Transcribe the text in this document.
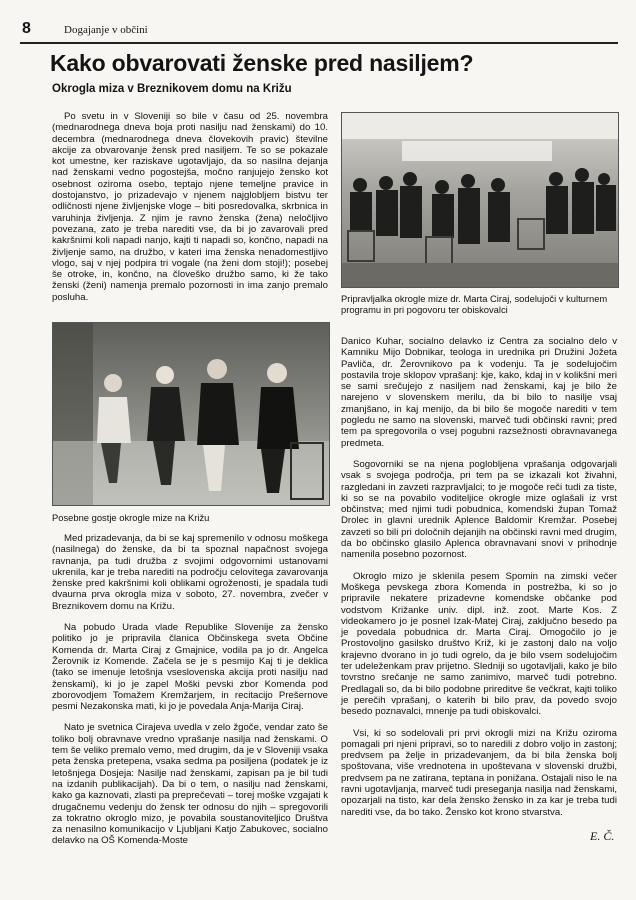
8	Dogajanje v občini
Kako obvarovati ženske pred nasiljem?
Okrogla miza v Breznikovem domu na Križu

Po svetu in v Sloveniji so bile v času od 25. novembra (mednarodnega dneva boja proti nasilju nad ženskami) do 10. decembra (mednarodnega dneva človekovih pravic) številne akcije za obvarovanje žensk pred nasiljem. Te so se pokazale kot umestne, ker raziskave ugotavljajo, da so nasilna dejanja nad ženskami vedno pogostejša, močno ranjujejo žensko kot osebnost oziroma osebo, teptajo njene temeljne pravice in dostojanstvo, jo prizadevajo v njenem najglobljem bistvu ter odličnosti njene življenjske vloge – biti posredovalka, skrbnica in varuhinja življenja. Z njim je ravno ženska (žena) neločljivo povezana, zato je treba narediti vse, da bi jo zavarovali pred kakršnimi koli napadi nanjo, kajti ti napadi so, končno, napadi na življenje samo, na družbo, v kateri ima ženska nenadomestljivo vlogo, saj v njej podpira tri vogale (na ženi dom stoji!); posebej še otroke, in, končno, na človeško družbo samo, ki že tako ženski (ženi) namenja premalo pozornosti in ima zanjo premalo posluha.

Posebne gostje okrogle mize na Križu

Med prizadevanja, da bi se kaj spremenilo v odnosu moškega (nasilnega) do ženske, da bi ta spoznal napačnost svojega ravnanja, pa tudi družba z svojimi odgovornimi ustanovami ukrenila, kar je treba narediti na področju celovitega zavarovanja ženske pred kakršnimi koli oblikami ogroženosti, je spadala tudi dvaurna prva okrogla miza v soboto, 27. novembra, zvečer v Breznikovem domu na Križu.

Na pobudo Urada vlade Republike Slovenije za žensko politiko jo je pripravila članica Občinskega sveta Občine Komenda dr. Marta Ciraj z Gmajnice, vodila pa jo dr. Angelca Žerovnik iz Komende. Začela se je s pesmijo Kaj ti je deklica (tako se imenuje letošnja vseslovenska akcija proti nasilju nad ženskami), ki jo je zapel Moški pevski zbor Komenda pod zborovodjem Tomažem Kremžarjem, in recitacijo Prešernove pesmi Nezakonska mati, ki jo je povedala Anja-Marija Ciraj.

Nato je svetnica Cirajeva uvedla v zelo žgoče, vendar zato še toliko bolj obravnave vredno vprašanje nasilja nad ženskami. O tem še veliko premalo vemo, med drugim, da je v Sloveniji vsaka peta ženska pretepena, vsaka sedma pa posiljena (podatek je iz letošnjega Dosjeja: Nasilje nad ženskami, zapisan pa je bil tudi na izdanih publikacijah). Da bi o tem, o nasilju nad ženskami, kako ga kaznovati, zlasti pa preprečevati – torej moške vzgajati k drugačnemu vedenju do žensk ter odnosu do njih – spregovorili za tokratno okroglo mizo, je povabila soustanoviteljico Društva za nenasilno komunikacijo v Ljubljani Katjo Zabukovec, socialno delavko na OŠ Komenda-Moste

Pripravljalka okrogle mize dr. Marta Ciraj, sodelujoči v kulturnem programu in pri pogovoru ter obiskovalci

Danico Kuhar, socialno delavko iz Centra za socialno delo v Kamniku Mijo Dobnikar, teologa in urednika pri Družini Jožeta Pavliča, dr. Žerovnikovo pa k vodenju. Ta je sodelujočim postavila troje sklopov vprašanj: kje, kako, kdaj in v kolikšni meri se sami srečujejo z nasiljem nad ženskami, kaj je bilo že narejeno v slovenskem merilu, da bi bilo to nasilje vsaj zmanjšano, in kaj menijo, da bi bilo še mogoče narediti v tem pogledu ne samo na slovenski, marveč tudi občinski ravni; pred tem pa spregovorila o vsej pogubni razsežnosti obravnavanega predmeta.

Sogovorniki se na njena poglobljena vprašanja odgovarjali vsak s svojega področja, pri tem pa se izkazali kot živahni, razgledani in zavzeti razpravljalci; to je mogoče reči tudi za tiste, ki so se na povabilo voditeljice okrogle mize oglašali iz vrst občinstva; med njimi tudi pobudnica, komendski župan Tomaž Drolec in glavni urednik Aplence Baldomir Kremžar. Posebej zavzeti so bili pri določnih dejanjih na občinski ravni med drugim, da bo občinsko glasilo Aplenca obravnavani snovi v prihodnje namenila posebno pozornost.

Okroglo mizo je sklenila pesem Spomin na zimski večer Moškega pevskega zbora Komenda in postrežba, ki so jo pripravile nekatere prizadevne komendske občanke pod vodstvom Križanke univ. dipl. inž. zoot. Marte Kos. Z videokamero jo je posnel Izak-Matej Ciraj, zaključno besedo pa je povedala pobudnica dr. Marta Ciraj. Omogočilo jo je Prostovoljno gasilsko društvo Križ, ki je zastonj dalo na voljo krajevno dvorano in jo tudi ogrelo, da je bilo vsem sodelujočim ter udeleženkam prav prijetno. Sledniji so ugotavljali, kako je bilo tovrstno srečanje ne samo zanimivo, marveč tudi potrebno. Predlagali so, da bi bilo podobne prireditve še večkrat, kajti toliko je perečih vprašanj, o katerih bi bilo prav, da povedo svojo besedo poznavalci, mnenje pa tudi obiskovalci.

Vsi, ki so sodelovali pri prvi okrogli mizi na Križu oziroma pomagali pri njeni pripravi, so to naredili z dobro voljo in zastonj; predvsem pa želje in prizadevanjem, da bi bila ženska bolj spoštovana, više vrednotena in upoštevana v slovenski družbi, predvsem pa ne zatirana, teptana in ponižana. Ostajali niso le na ravni ugotavljanja, marveč tudi preseganja nasilja nad ženskami, opozarjali na tisto, kar dela žensko žensko in za kar je treba tudi narediti vse, da bo tako. Žensko kot krono stvarstva.

E. Č.
